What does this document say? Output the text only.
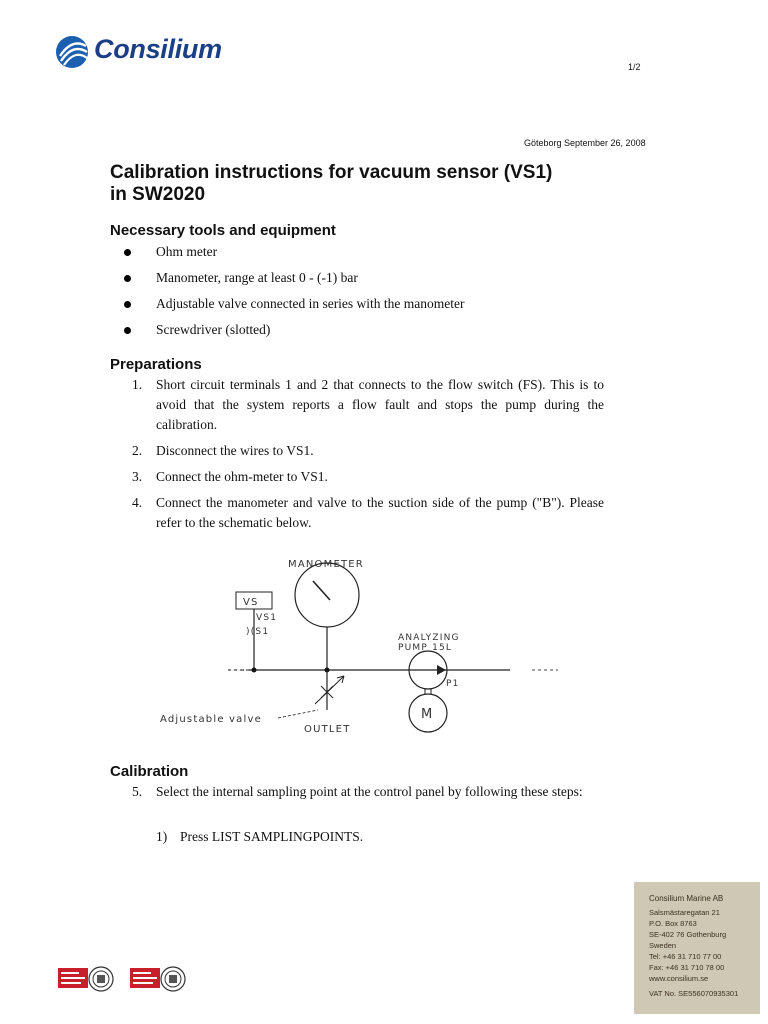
Consilium
1/2
Göteborg September 26, 2008
Calibration instructions for vacuum sensor (VS1)
in SW2020
Necessary tools and equipment
Ohm meter
Manometer, range at least 0 - (-1) bar
Adjustable valve connected in series with the manometer
Screwdriver (slotted)
Preparations
1. Short circuit terminals 1 and 2 that connects to the flow switch (FS). This is to avoid that the system reports a flow fault and stops the pump during the calibration.
2. Disconnect the wires to VS1.
3. Connect the ohm-meter to VS1.
4. Connect the manometer and valve to the suction side of the pump ("B"). Please refer to the schematic below.
VS
VS1
)(S1
MANOMETER
Adjustable valve
OUTLET
ANALYZING
PUMP 15L
P1
M
Calibration
5. Select the internal sampling point at the control panel by following these steps:
1) Press LIST SAMPLINGPOINTS.
Consilium Marine AB
Salsmästaregatan 21
P.O. Box 8763
SE-402 76 Gothenburg
Sweden
Tel: +46 31 710 77 00
Fax: +46 31 710 78 00
www.consilium.se
VAT No. SE556070935301
